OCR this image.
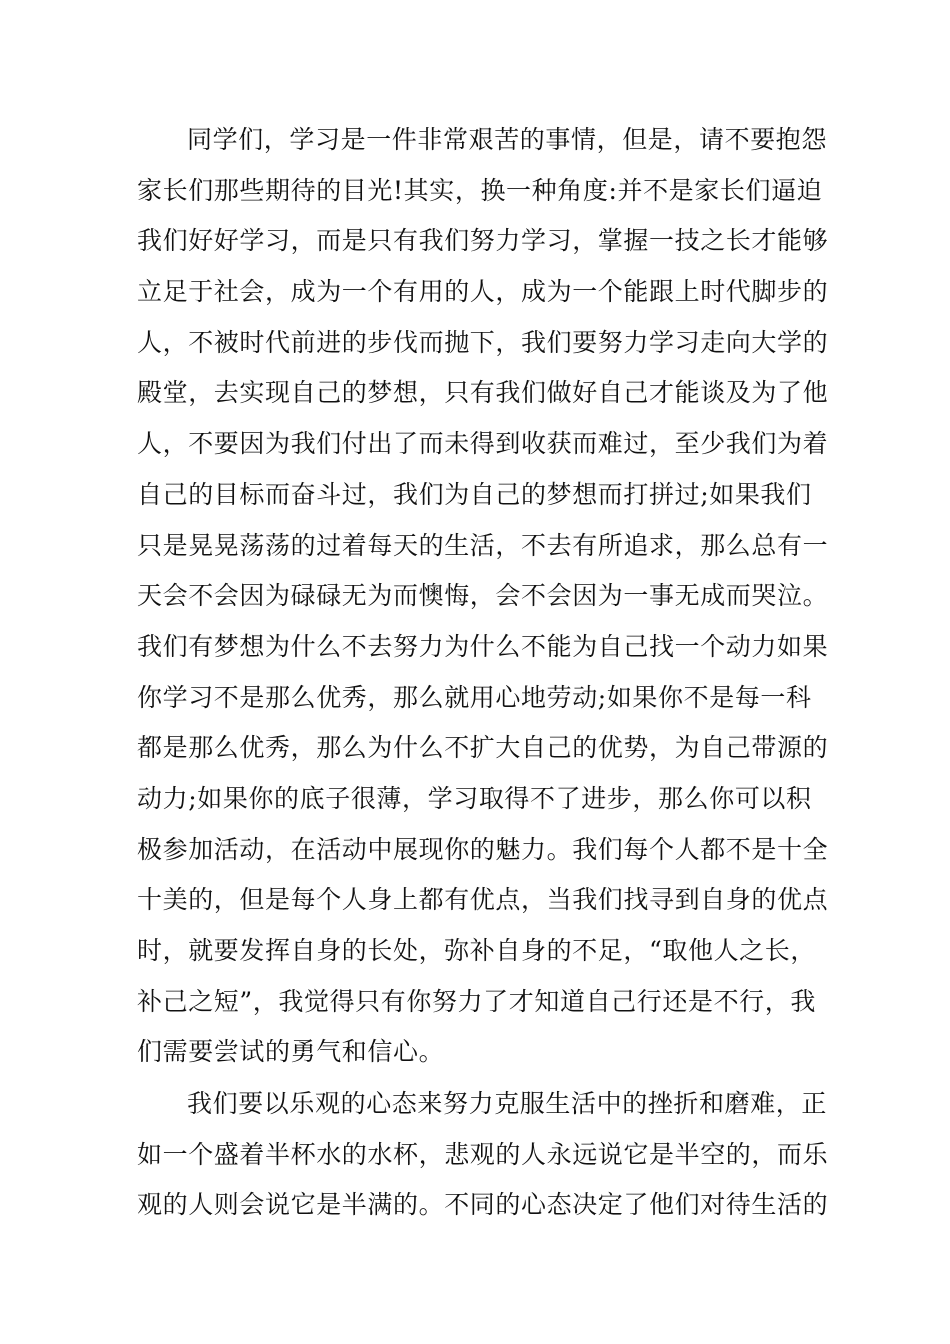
同学们，学习是一件非常艰苦的事情，但是，请不要抱怨
家长们那些期待的目光!其实，换一种角度:并不是家长们逼迫
我们好好学习，而是只有我们努力学习，掌握一技之长才能够
立足于社会，成为一个有用的人，成为一个能跟上时代脚步的
人，不被时代前进的步伐而抛下，我们要努力学习走向大学的
殿堂，去实现自己的梦想，只有我们做好自己才能谈及为了他
人，不要因为我们付出了而未得到收获而难过，至少我们为着
自己的目标而奋斗过，我们为自己的梦想而打拼过;如果我们
只是晃晃荡荡的过着每天的生活，不去有所追求，那么总有一
天会不会因为碌碌无为而懊悔，会不会因为一事无成而哭泣。
我们有梦想为什么不去努力为什么不能为自己找一个动力如果
你学习不是那么优秀，那么就用心地劳动;如果你不是每一科
都是那么优秀，那么为什么不扩大自己的优势，为自己带源的
动力;如果你的底子很薄，学习取得不了进步，那么你可以积
极参加活动，在活动中展现你的魅力。我们每个人都不是十全
十美的，但是每个人身上都有优点，当我们找寻到自身的优点
时，就要发挥自身的长处，弥补自身的不足，“取他人之长，
补己之短”，我觉得只有你努力了才知道自己行还是不行，我
们需要尝试的勇气和信心。
我们要以乐观的心态来努力克服生活中的挫折和磨难，正
如一个盛着半杯水的水杯，悲观的人永远说它是半空的，而乐
观的人则会说它是半满的。不同的心态决定了他们对待生活的
